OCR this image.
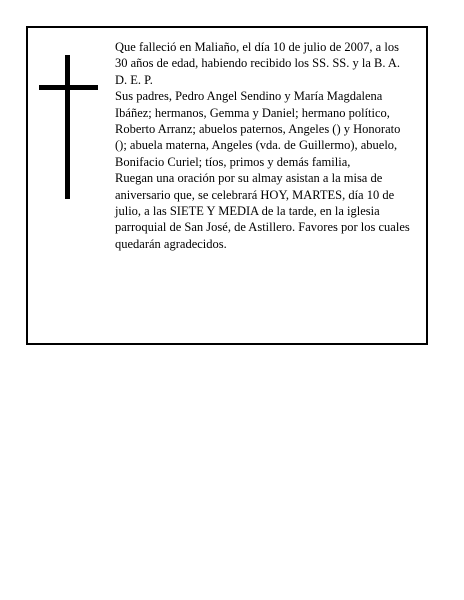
Que falleció en Maliaño, el día 10 de julio de 2007, a los 30 años de edad, habiendo recibido los SS. SS. y la B. A.

D. E. P.

Sus padres, Pedro Angel Sendino y María Magdalena Ibáñez; hermanos, Gemma y Daniel; hermano político, Roberto Arranz; abuelos paternos, Angeles () y Honorato (); abuela materna, Angeles (vda. de Guillermo), abuelo, Bonifacio Curiel; tíos, primos y demás familia,

Ruegan una oración por su almay asistan a la misa de aniversario que, se celebrará HOY, MARTES, día 10 de julio, a las SIETE Y MEDIA de la tarde, en la iglesia parroquial de San José, de Astillero. Favores por los cuales quedarán agradecidos.
